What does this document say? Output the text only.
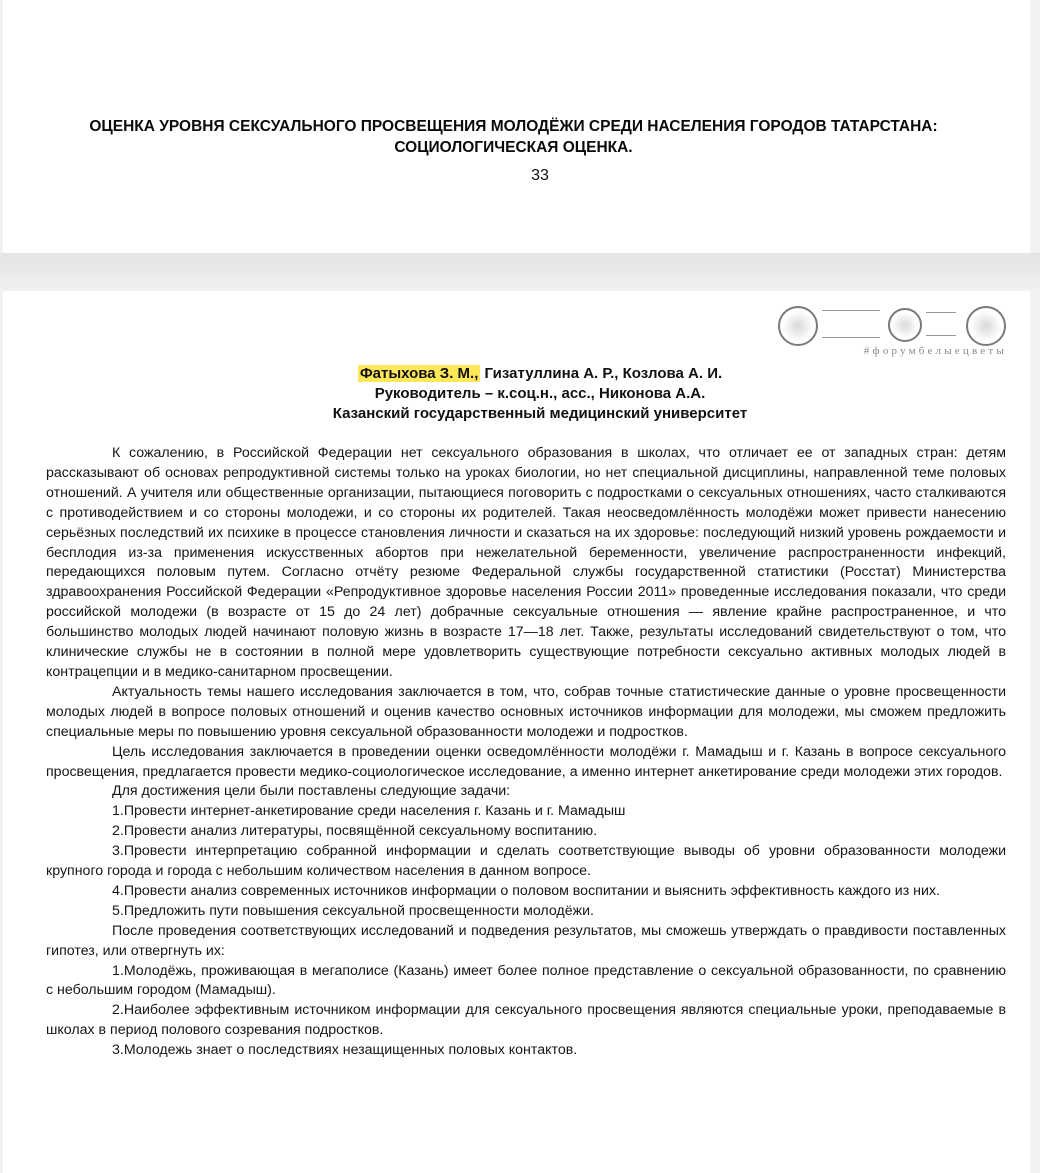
ОЦЕНКА УРОВНЯ СЕКСУАЛЬНОГО ПРОСВЕЩЕНИЯ МОЛОДЁЖИ СРЕДИ НАСЕЛЕНИЯ ГОРОДОВ ТАТАРСТАНА:
СОЦИОЛОГИЧЕСКАЯ ОЦЕНКА.
33
#форумбелыецветы
Фатыхова З. М., Гизатуллина А. Р., Козлова А. И.
Руководитель – к.соц.н., асс., Никонова А.А.
Казанский государственный медицинский университет

К сожалению, в Российской Федерации нет сексуального образования в школах, что отличает ее от западных стран: детям рассказывают об основах репродуктивной системы только на уроках биологии, но нет специальной дисциплины, направленной теме половых отношений. А учителя или общественные организации, пытающиеся поговорить с подростками о сексуальных отношениях, часто сталкиваются с противодействием и со стороны молодежи, и со стороны их родителей. Такая неосведомлённость молодёжи может привести нанесению серьёзных последствий их психике в процессе становления личности и сказаться на их здоровье: последующий низкий уровень рождаемости и бесплодия из-за применения искусственных абортов при нежелательной беременности, увеличение распространенности инфекций, передающихся половым путем. Согласно отчёту резюме Федеральной службы государственной статистики (Росстат) Министерства здравоохранения Российской Федерации «Репродуктивное здоровье населения России 2011» проведенные исследования показали, что среди российской молодежи (в возрасте от 15 до 24 лет) добрачные сексуальные отношения — явление крайне распространенное, и что большинство молодых людей начинают половую жизнь в возрасте 17—18 лет. Также, результаты исследований свидетельствуют о том, что клинические службы не в состоянии в полной мере удовлетворить существующие потребности сексуально активных молодых людей в контрацепции и в медико-санитарном просвещении.

Актуальность темы нашего исследования заключается в том, что, собрав точные статистические данные о уровне просвещенности молодых людей в вопросе половых отношений и оценив качество основных источников информации для молодежи, мы сможем предложить специальные меры по повышению уровня сексуальной образованности молодежи и подростков.

Цель исследования заключается в проведении оценки осведомлённости молодёжи г. Мамадыш и г. Казань в вопросе сексуального просвещения, предлагается провести медико-социологическое исследование, а именно интернет анкетирование среди молодежи этих городов.

Для достижения цели были поставлены следующие задачи:

1.Провести интернет-анкетирование среди населения г. Казань и г. Мамадыш

2.Провести анализ литературы, посвящённой сексуальному воспитанию.

3.Провести интерпретацию собранной информации и сделать соответствующие выводы об уровни образованности молодежи крупного города и города с небольшим количеством населения в данном вопросе.

4.Провести анализ современных источников информации о половом воспитании и выяснить эффективность каждого из них.

5.Предложить пути повышения сексуальной просвещенности молодёжи.

После проведения соответствующих исследований и подведения результатов, мы сможешь утверждать о правдивости поставленных гипотез, или отвергнуть их:

1.Молодёжь, проживающая в мегаполисе (Казань) имеет более полное представление о сексуальной образованности, по сравнению с небольшим городом (Мамадыш).

2.Наиболее эффективным источником информации для сексуального просвещения являются специальные уроки, преподаваемые в школах в период полового созревания подростков.

3.Молодежь знает о последствиях незащищенных половых контактов.
